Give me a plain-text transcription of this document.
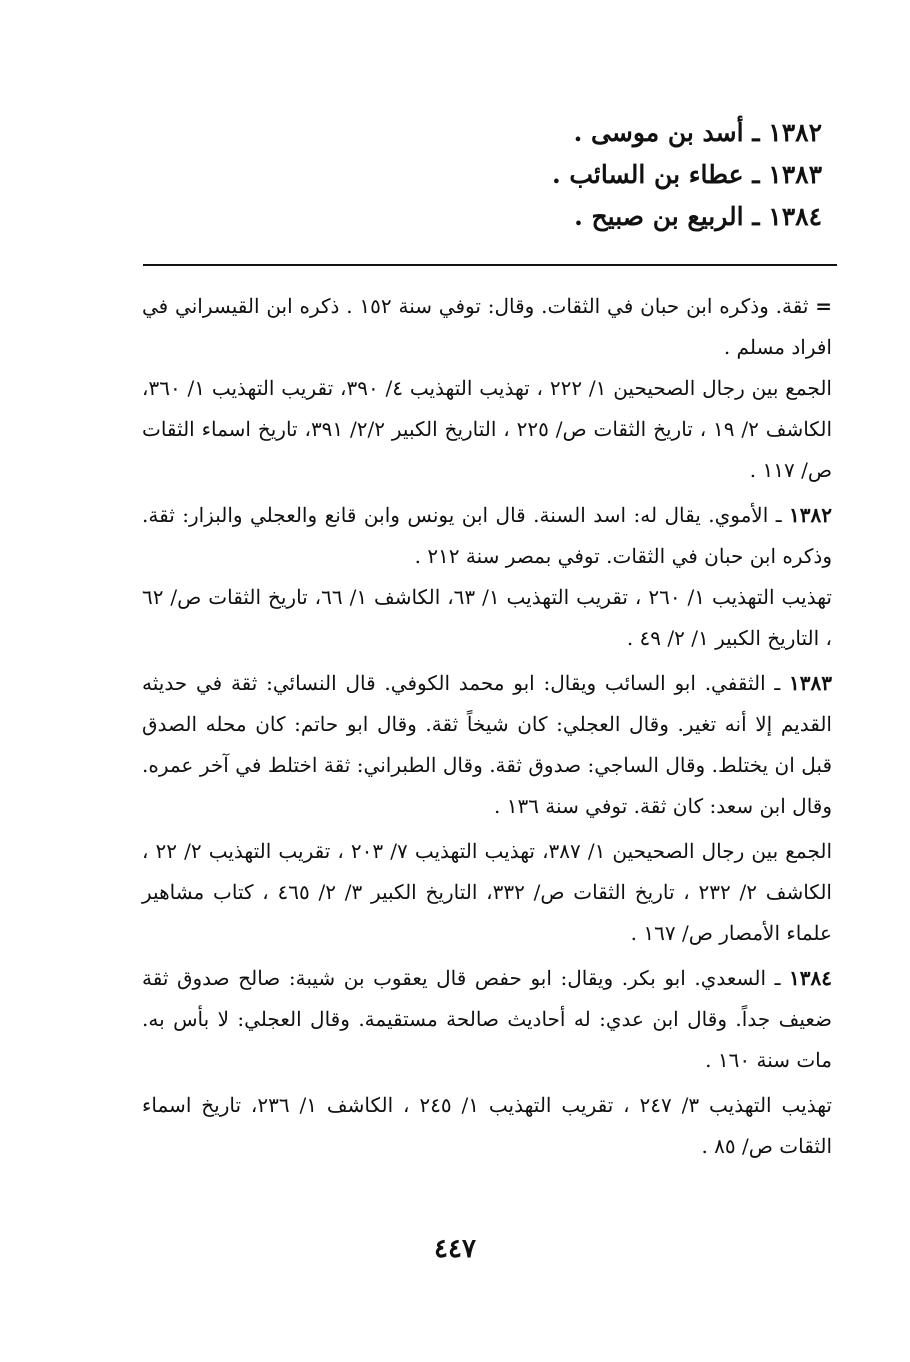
١٣٨٢ ـ أسد بن موسى .
١٣٨٣ ـ عطاء بن السائب .
١٣٨٤ ـ الربيع بن صبيح .

= ثقة. وذكره ابن حبان في الثقات. وقال: توفي سنة ١٥٢ . ذكره ابن القيسراني في افراد مسلم .

الجمع بين رجال الصحيحين ١/ ٢٢٢ ، تهذيب التهذيب ٤/ ٣٩٠، تقريب التهذيب ١/ ٣٦٠، الكاشف ٢/ ١٩ ، تاريخ الثقات ص/ ٢٢٥ ، التاريخ الكبير ٢/٢/ ٣٩١، تاريخ اسماء الثقات ص/ ١١٧ .

١٣٨٢ ـ الأموي. يقال له: اسد السنة. قال ابن يونس وابن قانع والعجلي والبزار: ثقة. وذكره ابن حبان في الثقات. توفي بمصر سنة ٢١٢ .

تهذيب التهذيب ١/ ٢٦٠ ، تقريب التهذيب ١/ ٦٣، الكاشف ١/ ٦٦، تاريخ الثقات ص/ ٦٢ ، التاريخ الكبير ١/ ٢/ ٤٩ .

١٣٨٣ ـ الثقفي. ابو السائب ويقال: ابو محمد الكوفي. قال النسائي: ثقة في حديثه القديم إلا أنه تغير. وقال العجلي: كان شيخاً ثقة. وقال ابو حاتم: كان محله الصدق قبل ان يختلط. وقال الساجي: صدوق ثقة. وقال الطبراني: ثقة اختلط في آخر عمره. وقال ابن سعد: كان ثقة. توفي سنة ١٣٦ .

الجمع بين رجال الصحيحين ١/ ٣٨٧، تهذيب التهذيب ٧/ ٢٠٣ ، تقريب التهذيب ٢/ ٢٢ ، الكاشف ٢/ ٢٣٢ ، تاريخ الثقات ص/ ٣٣٢، التاريخ الكبير ٣/ ٢/ ٤٦٥ ، كتاب مشاهير علماء الأمصار ص/ ١٦٧ .

١٣٨٤ ـ السعدي. ابو بكر. ويقال: ابو حفص قال يعقوب بن شيبة: صالح صدوق ثقة ضعيف جداً. وقال ابن عدي: له أحاديث صالحة مستقيمة. وقال العجلي: لا بأس به. مات سنة ١٦٠ .

تهذيب التهذيب ٣/ ٢٤٧ ، تقريب التهذيب ١/ ٢٤٥ ، الكاشف ١/ ٢٣٦، تاريخ اسماء الثقات ص/ ٨٥ .

٤٤٧
